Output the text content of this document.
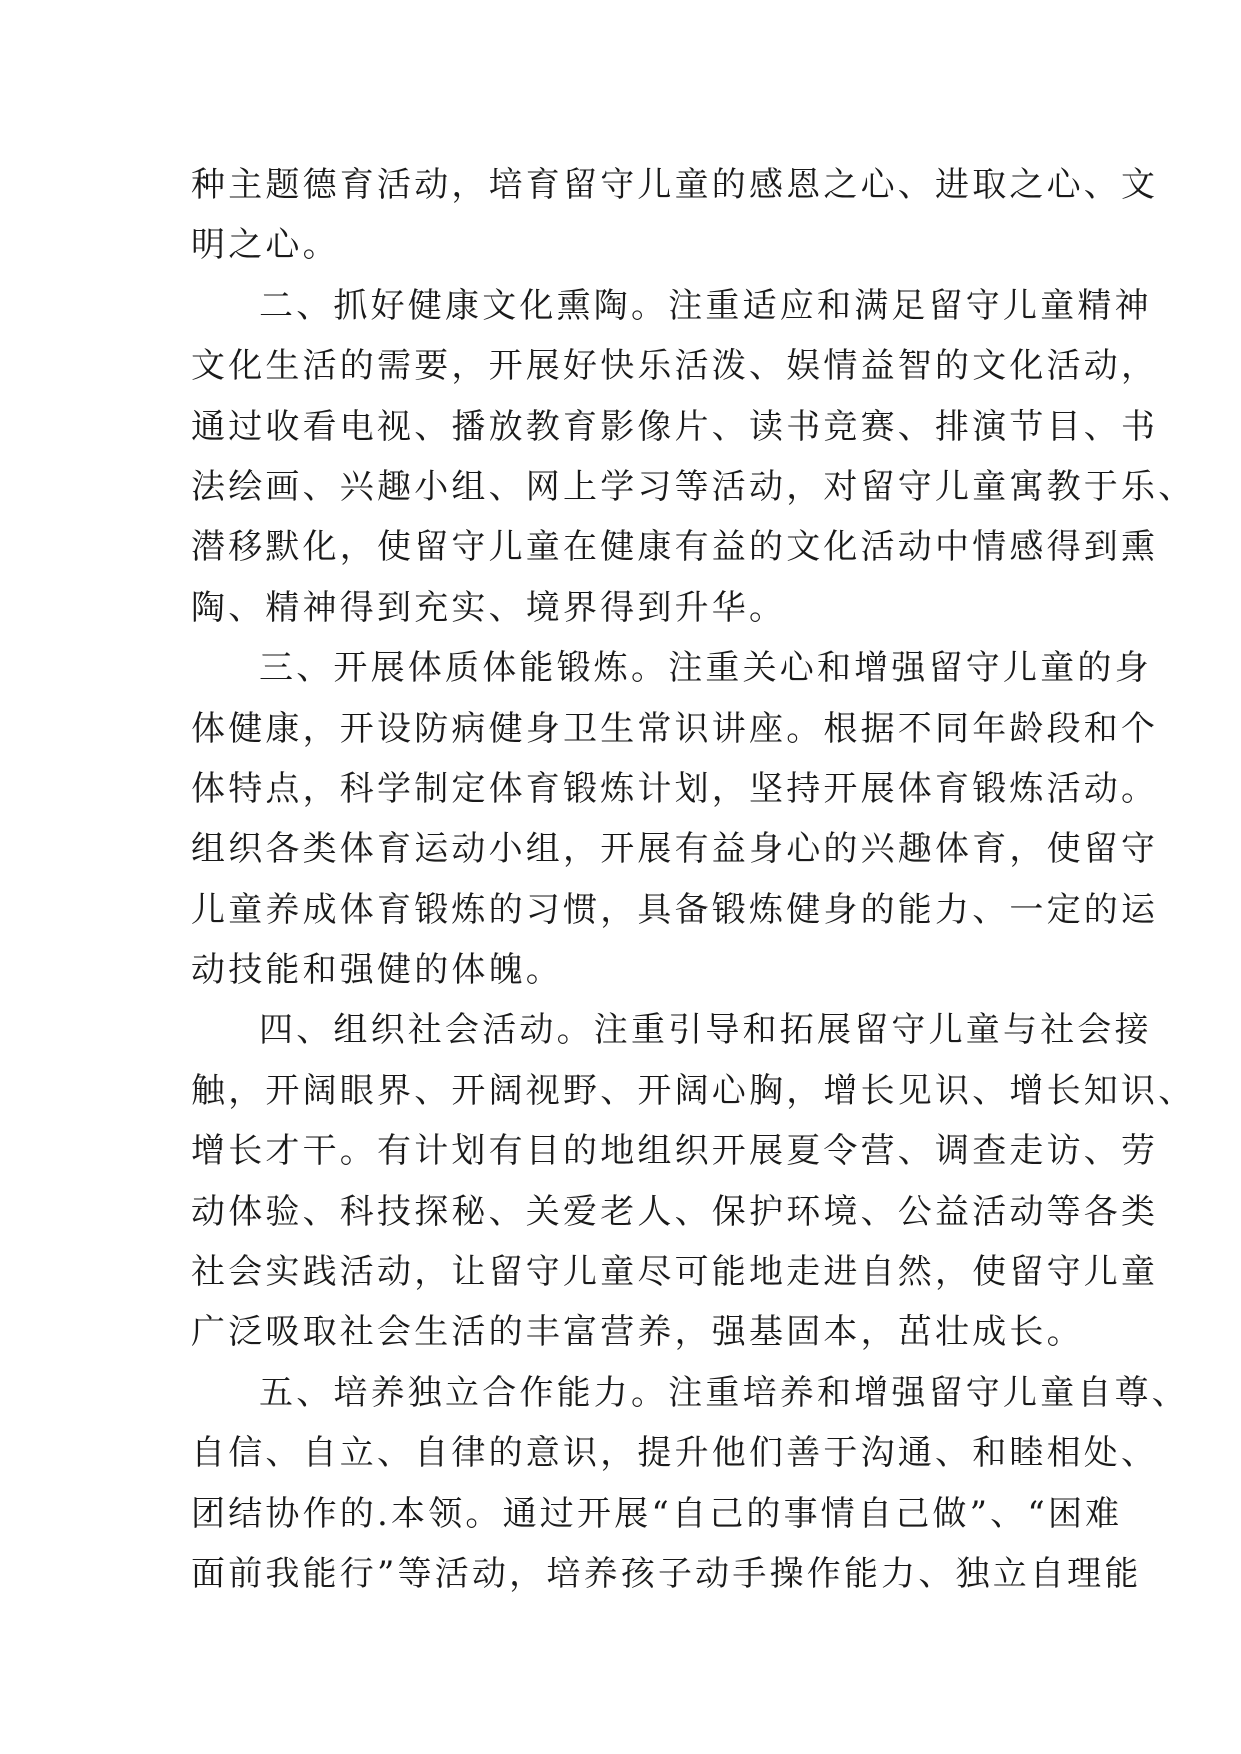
种主题德育活动，培育留守儿童的感恩之心、进取之心、文
明之心。
二、抓好健康文化熏陶。注重适应和满足留守儿童精神
文化生活的需要，开展好快乐活泼、娱情益智的文化活动，
通过收看电视、播放教育影像片、读书竞赛、排演节目、书
法绘画、兴趣小组、网上学习等活动，对留守儿童寓教于乐、
潜移默化，使留守儿童在健康有益的文化活动中情感得到熏
陶、精神得到充实、境界得到升华。
三、开展体质体能锻炼。注重关心和增强留守儿童的身
体健康，开设防病健身卫生常识讲座。根据不同年龄段和个
体特点，科学制定体育锻炼计划，坚持开展体育锻炼活动。
组织各类体育运动小组，开展有益身心的兴趣体育，使留守
儿童养成体育锻炼的习惯，具备锻炼健身的能力、一定的运
动技能和强健的体魄。
四、组织社会活动。注重引导和拓展留守儿童与社会接
触，开阔眼界、开阔视野、开阔心胸，增长见识、增长知识、
增长才干。有计划有目的地组织开展夏令营、调查走访、劳
动体验、科技探秘、关爱老人、保护环境、公益活动等各类
社会实践活动，让留守儿童尽可能地走进自然，使留守儿童
广泛吸取社会生活的丰富营养，强基固本，茁壮成长。
五、培养独立合作能力。注重培养和增强留守儿童自尊、
自信、自立、自律的意识，提升他们善于沟通、和睦相处、
团结协作的.本领。通过开展“自己的事情自己做”、“困难
面前我能行”等活动，培养孩子动手操作能力、独立自理能
